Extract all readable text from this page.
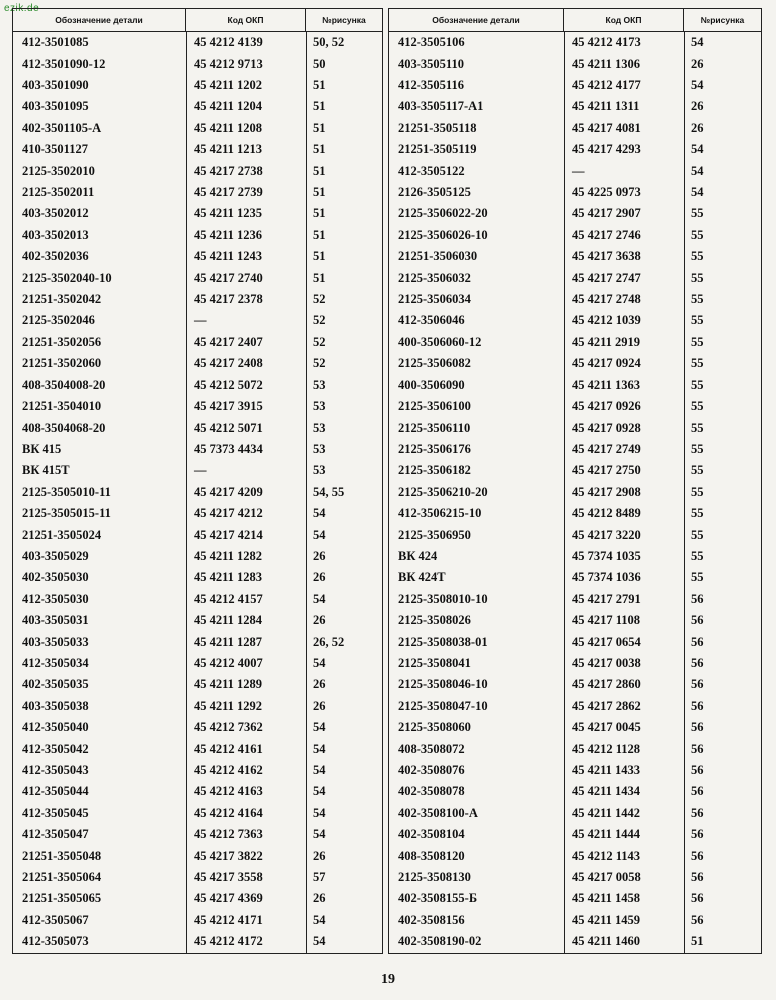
ezik.de
Обозначение детали	Код ОКП	№рисунка
412-3501085	45 4212 4139	50, 52
412-3501090-12	45 4212 9713	50
403-3501090	45 4211 1202	51
403-3501095	45 4211 1204	51
402-3501105-А	45 4211 1208	51
410-3501127	45 4211 1213	51
2125-3502010	45 4217 2738	51
2125-3502011	45 4217 2739	51
403-3502012	45 4211 1235	51
403-3502013	45 4211 1236	51
402-3502036	45 4211 1243	51
2125-3502040-10	45 4217 2740	51
21251-3502042	45 4217 2378	52
2125-3502046	—	52
21251-3502056	45 4217 2407	52
21251-3502060	45 4217 2408	52
408-3504008-20	45 4212 5072	53
21251-3504010	45 4217 3915	53
408-3504068-20	45 4212 5071	53
ВК 415	45 7373 4434	53
ВК 415Т	—	53
2125-3505010-11	45 4217 4209	54, 55
2125-3505015-11	45 4217 4212	54
21251-3505024	45 4217 4214	54
403-3505029	45 4211 1282	26
402-3505030	45 4211 1283	26
412-3505030	45 4212 4157	54
403-3505031	45 4211 1284	26
403-3505033	45 4211 1287	26, 52
412-3505034	45 4212 4007	54
402-3505035	45 4211 1289	26
403-3505038	45 4211 1292	26
412-3505040	45 4212 7362	54
412-3505042	45 4212 4161	54
412-3505043	45 4212 4162	54
412-3505044	45 4212 4163	54
412-3505045	45 4212 4164	54
412-3505047	45 4212 7363	54
21251-3505048	45 4217 3822	26
21251-3505064	45 4217 3558	57
21251-3505065	45 4217 4369	26
412-3505067	45 4212 4171	54
412-3505073	45 4212 4172	54
Обозначение детали	Код ОКП	№рисунка
412-3505106	45 4212 4173	54
403-3505110	45 4211 1306	26
412-3505116	45 4212 4177	54
403-3505117-А1	45 4211 1311	26
21251-3505118	45 4217 4081	26
21251-3505119	45 4217 4293	54
412-3505122	—	54
2126-3505125	45 4225 0973	54
2125-3506022-20	45 4217 2907	55
2125-3506026-10	45 4217 2746	55
21251-3506030	45 4217 3638	55
2125-3506032	45 4217 2747	55
2125-3506034	45 4217 2748	55
412-3506046	45 4212 1039	55
400-3506060-12	45 4211 2919	55
2125-3506082	45 4217 0924	55
400-3506090	45 4211 1363	55
2125-3506100	45 4217 0926	55
2125-3506110	45 4217 0928	55
2125-3506176	45 4217 2749	55
2125-3506182	45 4217 2750	55
2125-3506210-20	45 4217 2908	55
412-3506215-10	45 4212 8489	55
2125-3506950	45 4217 3220	55
ВК 424	45 7374 1035	55
ВК 424Т	45 7374 1036	55
2125-3508010-10	45 4217 2791	56
2125-3508026	45 4217 1108	56
2125-3508038-01	45 4217 0654	56
2125-3508041	45 4217 0038	56
2125-3508046-10	45 4217 2860	56
2125-3508047-10	45 4217 2862	56
2125-3508060	45 4217 0045	56
408-3508072	45 4212 1128	56
402-3508076	45 4211 1433	56
402-3508078	45 4211 1434	56
402-3508100-А	45 4211 1442	56
402-3508104	45 4211 1444	56
408-3508120	45 4212 1143	56
2125-3508130	45 4217 0058	56
402-3508155-Б	45 4211 1458	56
402-3508156	45 4211 1459	56
402-3508190-02	45 4211 1460	51
19
